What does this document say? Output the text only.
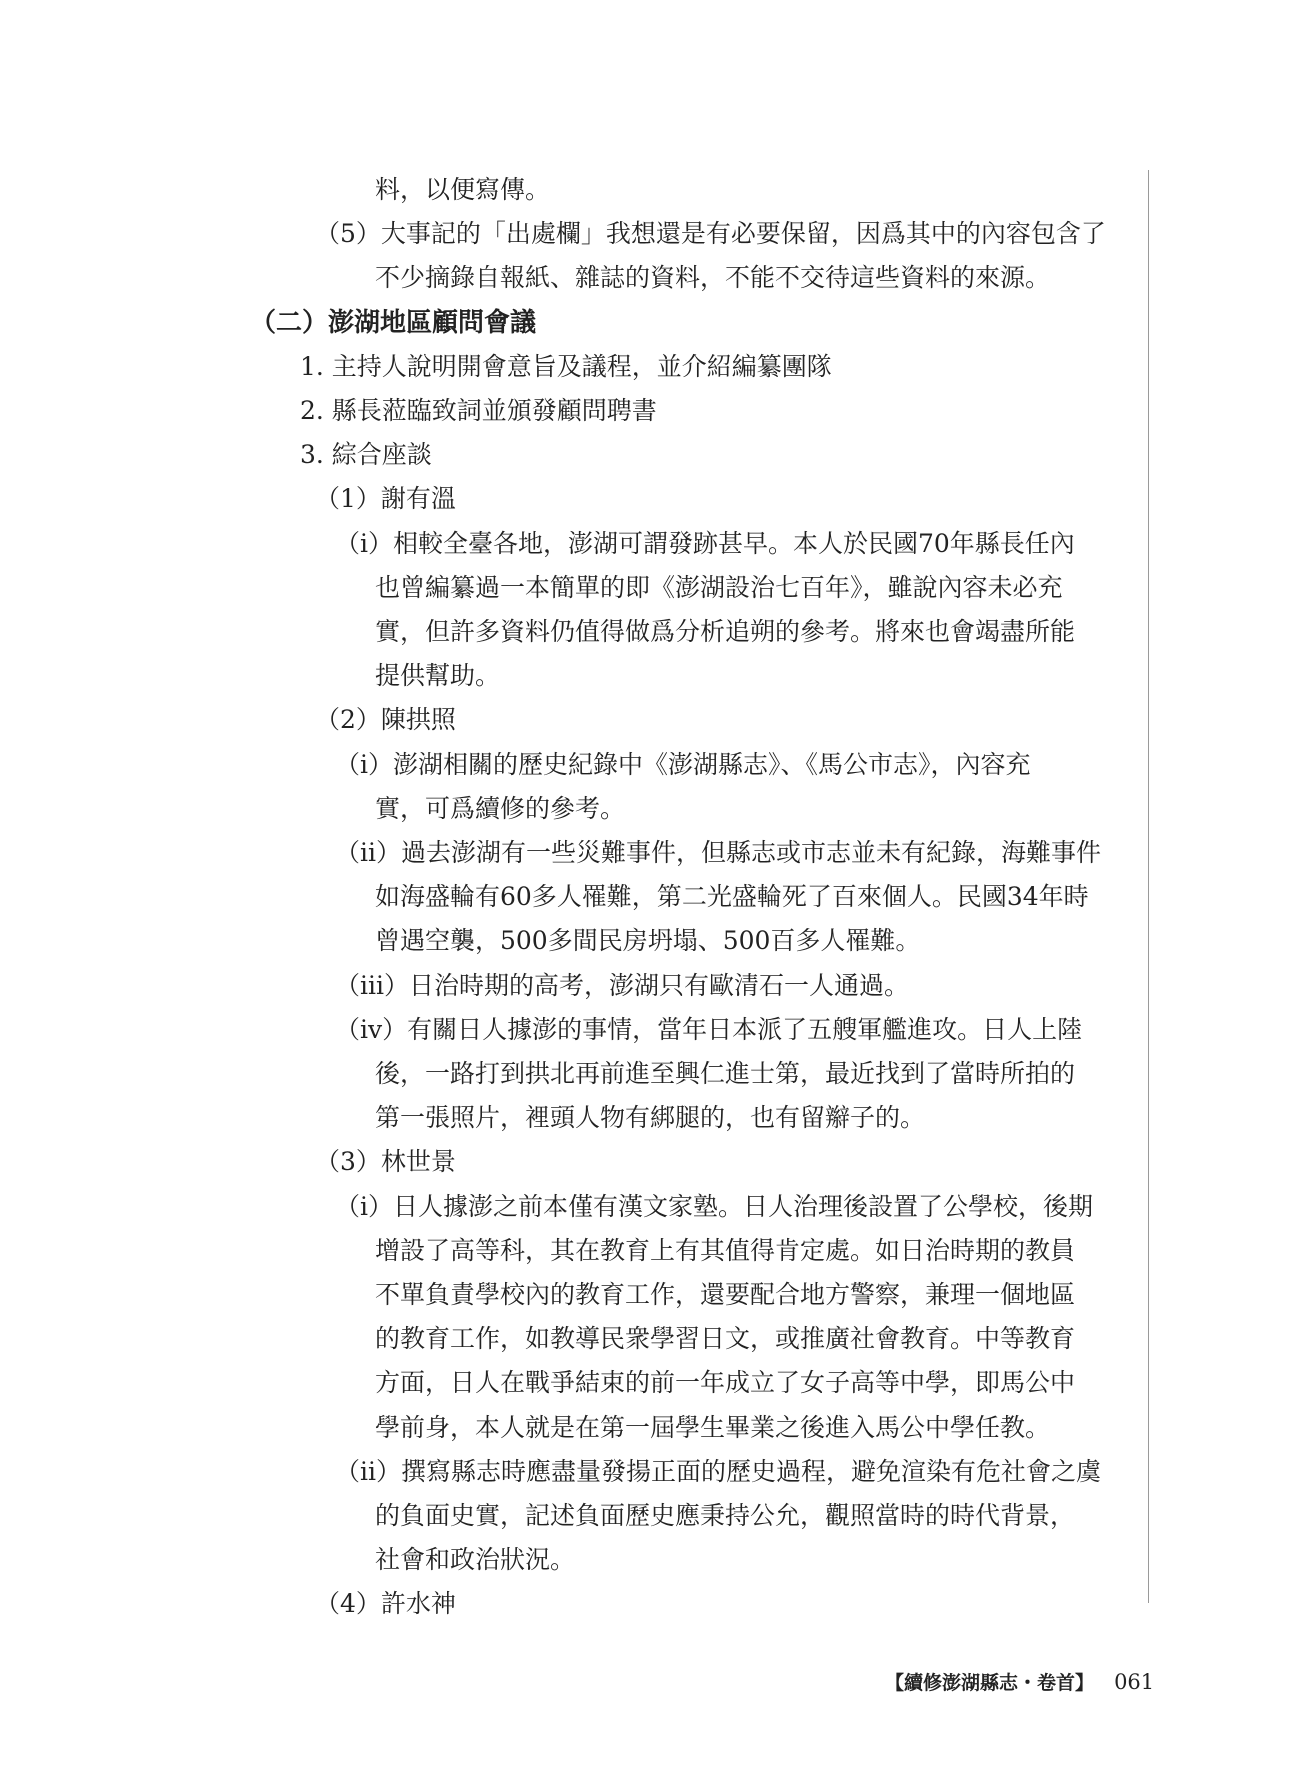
料，以便寫傳。
（5）大事記的「出處欄」我想還是有必要保留，因爲其中的內容包含了
不少摘錄自報紙、雜誌的資料，不能不交待這些資料的來源。
（二）澎湖地區顧問會議
1. 主持人說明開會意旨及議程，並介紹編纂團隊
2. 縣長蒞臨致詞並頒發顧問聘書
3. 綜合座談
（1）謝有溫
（i）相較全臺各地，澎湖可謂發跡甚早。本人於民國70年縣長任內
也曾編纂過一本簡單的即《澎湖設治七百年》，雖說內容未必充
實，但許多資料仍值得做爲分析追朔的參考。將來也會竭盡所能
提供幫助。
（2）陳拱照
（i）澎湖相關的歷史紀錄中《澎湖縣志》、《馬公市志》，內容充
實，可爲續修的參考。
（ii）過去澎湖有一些災難事件，但縣志或市志並未有紀錄，海難事件
如海盛輪有60多人罹難，第二光盛輪死了百來個人。民國34年時
曾遇空襲，500多間民房坍塌、500百多人罹難。
（iii）日治時期的高考，澎湖只有歐清石一人通過。
（iv）有關日人據澎的事情，當年日本派了五艘軍艦進攻。日人上陸
後，一路打到拱北再前進至興仁進士第，最近找到了當時所拍的
第一張照片，裡頭人物有綁腿的，也有留辮子的。
（3）林世景
（i）日人據澎之前本僅有漢文家塾。日人治理後設置了公學校，後期
增設了高等科，其在教育上有其值得肯定處。如日治時期的教員
不單負責學校內的教育工作，還要配合地方警察，兼理一個地區
的教育工作，如教導民衆學習日文，或推廣社會教育。中等教育
方面，日人在戰爭結束的前一年成立了女子高等中學，即馬公中
學前身，本人就是在第一屆學生畢業之後進入馬公中學任教。
（ii）撰寫縣志時應盡量發揚正面的歷史過程，避免渲染有危社會之虞
的負面史實，記述負面歷史應秉持公允，觀照當時的時代背景，
社會和政治狀況。
（4）許水神
【續修澎湖縣志・卷首】 061
